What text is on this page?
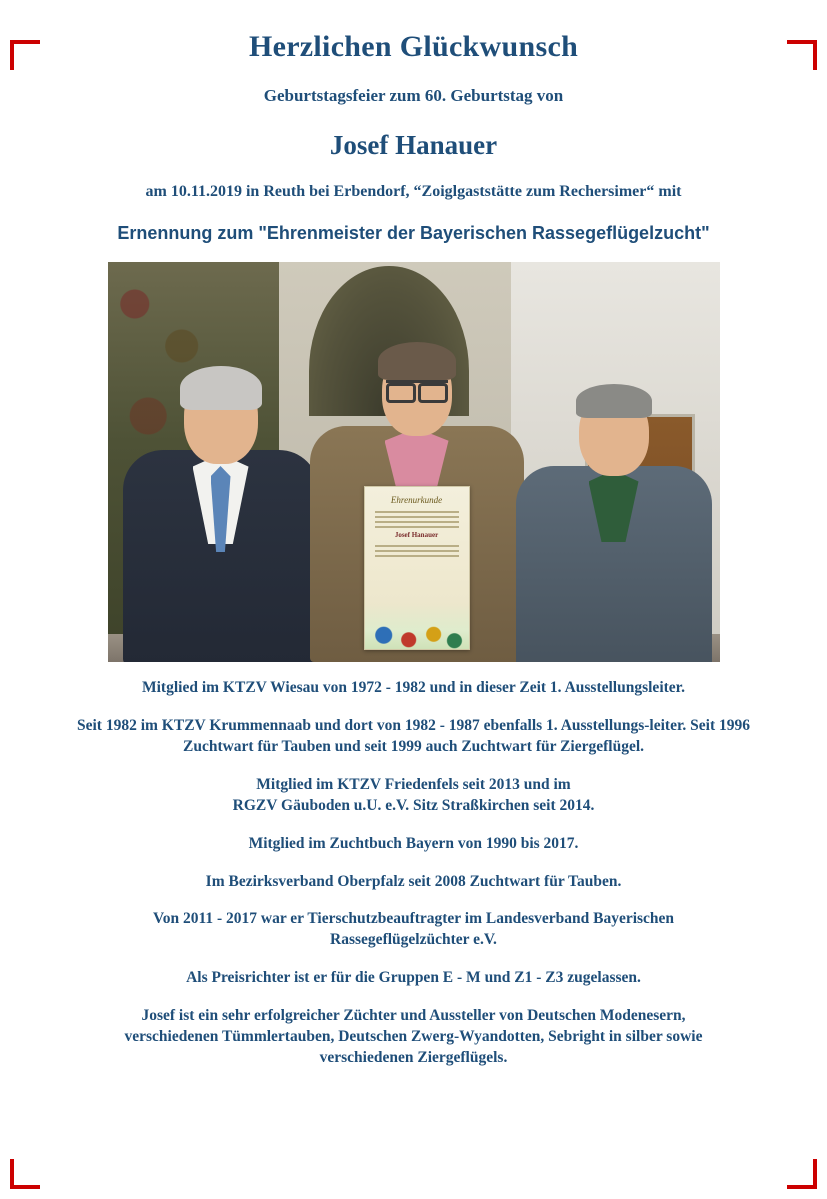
Herzlichen Glückwunsch
Geburtstagsfeier zum 60. Geburtstag von
Josef Hanauer
am 10.11.2019 in Reuth bei Erbendorf, “Zoiglgaststätte zum Rechersimer“ mit
Ernennung zum "Ehrenmeister der Bayerischen Rassegeflügelzucht"
Ehrenurkunde
Josef Hanauer

Mitglied im KTZV Wiesau von 1972 - 1982 und in dieser Zeit 1. Ausstellungsleiter.

Seit 1982 im KTZV Krummennaab und dort von 1982 - 1987 ebenfalls 1. Ausstellungs-leiter. Seit 1996 Zuchtwart für Tauben und seit 1999 auch Zuchtwart für Ziergeflügel.

Mitglied im KTZV Friedenfels seit 2013 und im
RGZV Gäuboden u.U. e.V. Sitz Straßkirchen seit 2014.

Mitglied im Zuchtbuch Bayern von 1990 bis 2017.

Im Bezirksverband Oberpfalz seit 2008 Zuchtwart für Tauben.

Von 2011 - 2017 war er Tierschutzbeauftragter im Landesverband Bayerischen
Rassegeflügelzüchter e.V.

Als Preisrichter ist er für die Gruppen E - M und Z1 - Z3 zugelassen.

Josef ist ein sehr erfolgreicher Züchter und Aussteller von Deutschen Modenesern,
verschiedenen Tümmlertauben, Deutschen Zwerg-Wyandotten, Sebright in silber sowie
verschiedenen Ziergeflügels.
